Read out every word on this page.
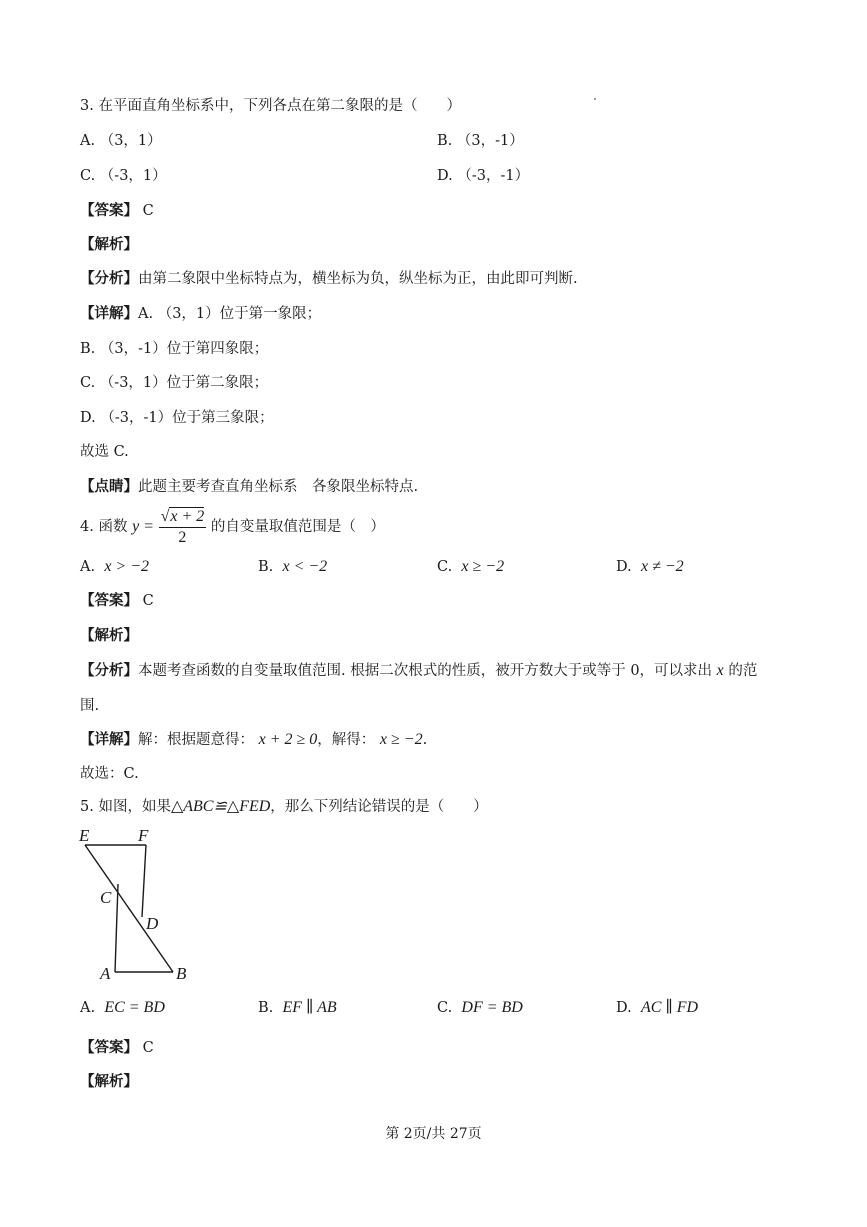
3. 在平面直角坐标系中，下列各点在第二象限的是（　　）
A. （3，1）	B. （3，-1）
C. （-3，1）	D. （-3，-1）
【答案】 C
【解析】
【分析】由第二象限中坐标特点为，横坐标为负，纵坐标为正，由此即可判断.
【详解】A. （3，1）位于第一象限；
B. （3，-1）位于第四象限；
C. （-3，1）位于第二象限；
D. （-3，-1）位于第三象限；
故选 C.
【点睛】此题主要考查直角坐标系　各象限坐标特点.
4. 函数 $y = \frac{√x + 2}{2}$ 的自变量取值范围是（　）
A. x > −2	B. x < −2	C. x ≥ −2	D. x ≠ −2
【答案】 C
【解析】
【分析】本题考查函数的自变量取值范围. 根据二次根式的性质，被开方数大于或等于 0，可以求出 x 的范
围.
【详解】解：根据题意得： x + 2 ≥ 0，解得： x ≥ −2.
故选：C.
5. 如图，如果△ABC≌△FED，那么下列结论错误的是（　　）
E	F
C
D
A	B
A. EC = BD	B. EF ∥ AB	C. DF = BD	D. AC ∥ FD
【答案】 C
【解析】
第 2页/共 27页
